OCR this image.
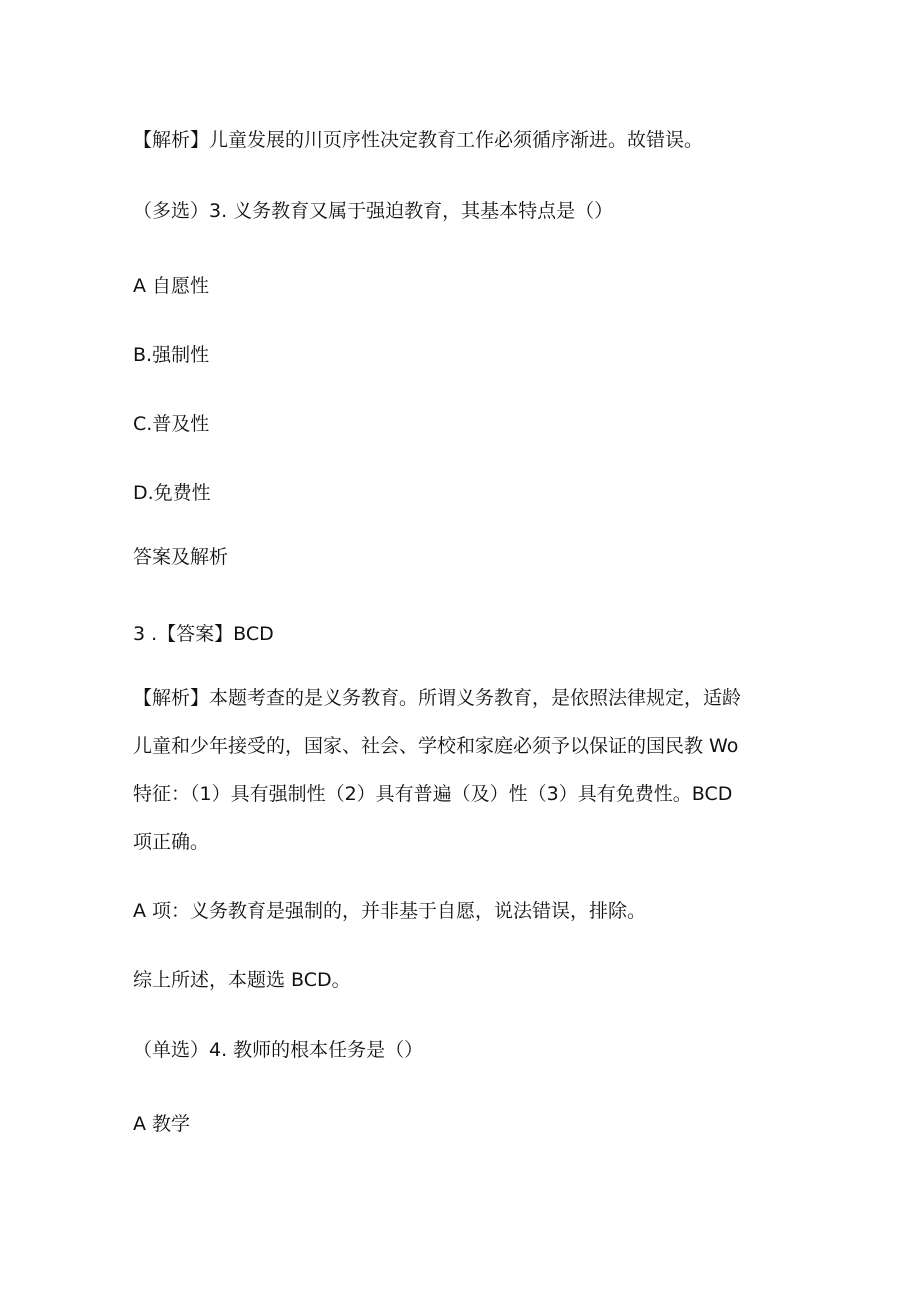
【解析】儿童发展的川页序性决定教育工作必须循序渐进。故错误。
（多选）3. 义务教育又属于强迫教育，其基本特点是（）
A 自愿性
B.强制性
C.普及性
D.免费性
答案及解析
3 .【答案】BCD
【解析】本题考查的是义务教育。所谓义务教育，是依照法律规定，适龄
儿童和少年接受的，国家、社会、学校和家庭必须予以保证的国民教 Wo
特征：（1）具有强制性（2）具有普遍（及）性（3）具有免费性。BCD
项正确。
A 项：义务教育是强制的，并非基于自愿，说法错误，排除。
综上所述，本题选 BCD。
（单选）4. 教师的根本任务是（）
A 教学
